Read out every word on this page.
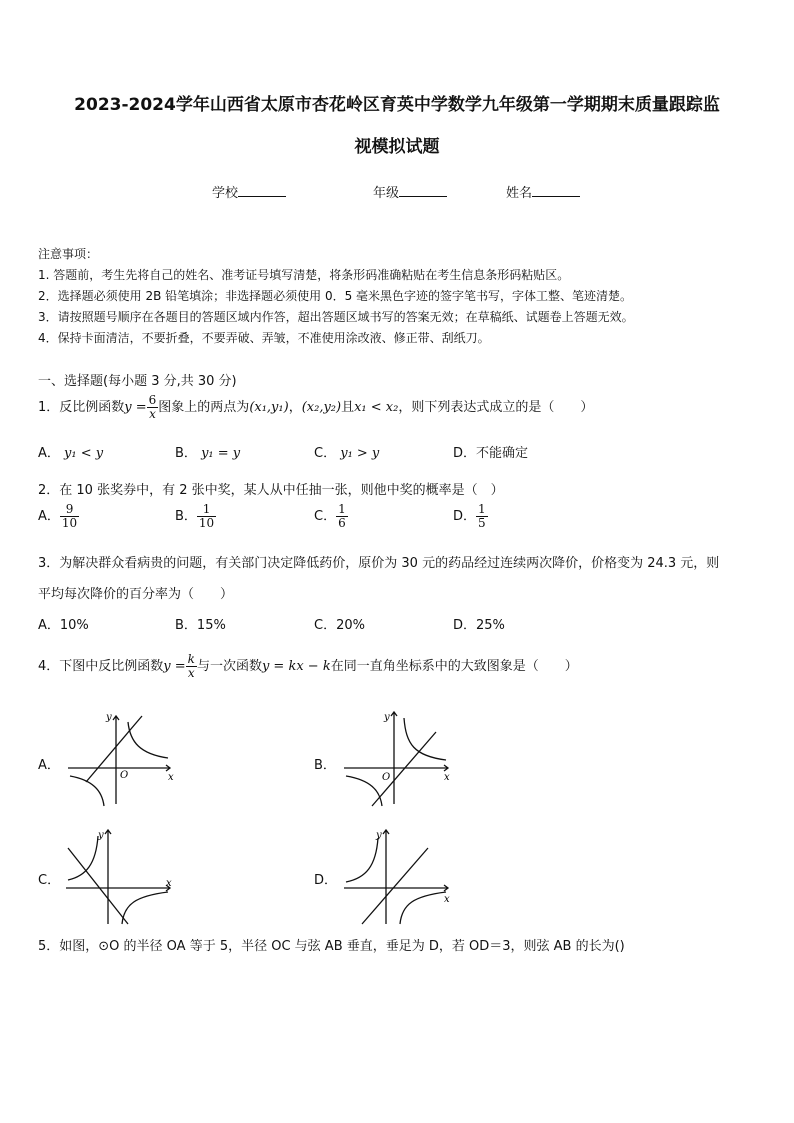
2023-2024学年山西省太原市杏花岭区育英中学数学九年级第一学期期末质量跟踪监
视模拟试题
学校	年级	姓名
注意事项：
1. 答题前，考生先将自己的姓名、准考证号填写清楚，将条形码准确粘贴在考生信息条形码粘贴区。
2．选择题必须使用 2B 铅笔填涂；非选择题必须使用 0．5 毫米黑色字迹的签字笔书写，字体工整、笔迹清楚。
3．请按照题号顺序在各题目的答题区域内作答，超出答题区域书写的答案无效；在草稿纸、试题卷上答题无效。
4．保持卡面清洁，不要折叠，不要弄破、弄皱，不准使用涂改液、修正带、刮纸刀。
一、选择题(每小题 3 分,共 30 分)
1．反比例函数$y = \frac{6}{x}$ 图象上的两点为(x₁,y₁)，(x₂,y₂)且x₁ < x₂，则下列表达式成立的是（　　）
A． y₁ < y	B． y₁ = y	C． y₁ > y	D．不能确定
2．在 10 张奖券中，有 2 张中奖，某人从中任抽一张，则他中奖的概率是（　）
A． $\frac{9}{10}$	B． $\frac{1}{10}$	C． $\frac{1}{6}$	D． $\frac{1}{5}$
3．为解决群众看病贵的问题，有关部门决定降低药价，原价为 30 元的药品经过连续两次降价，价格变为 24.3 元，则
平均每次降价的百分率为（　　）
A．10%	B．15%	C．20%	D．25%
4．下图中反比例函数$y = \frac{k}{x}$ 与一次函数y = kx − k在同一直角坐标系中的大致图象是（　　）
A．	B．
C．	D．
O	x
y
O	x
y
x
y
x
y
5．如图，⊙O 的半径 OA 等于 5，半径 OC 与弦 AB 垂直，垂足为 D，若 OD＝3，则弦 AB 的长为()
